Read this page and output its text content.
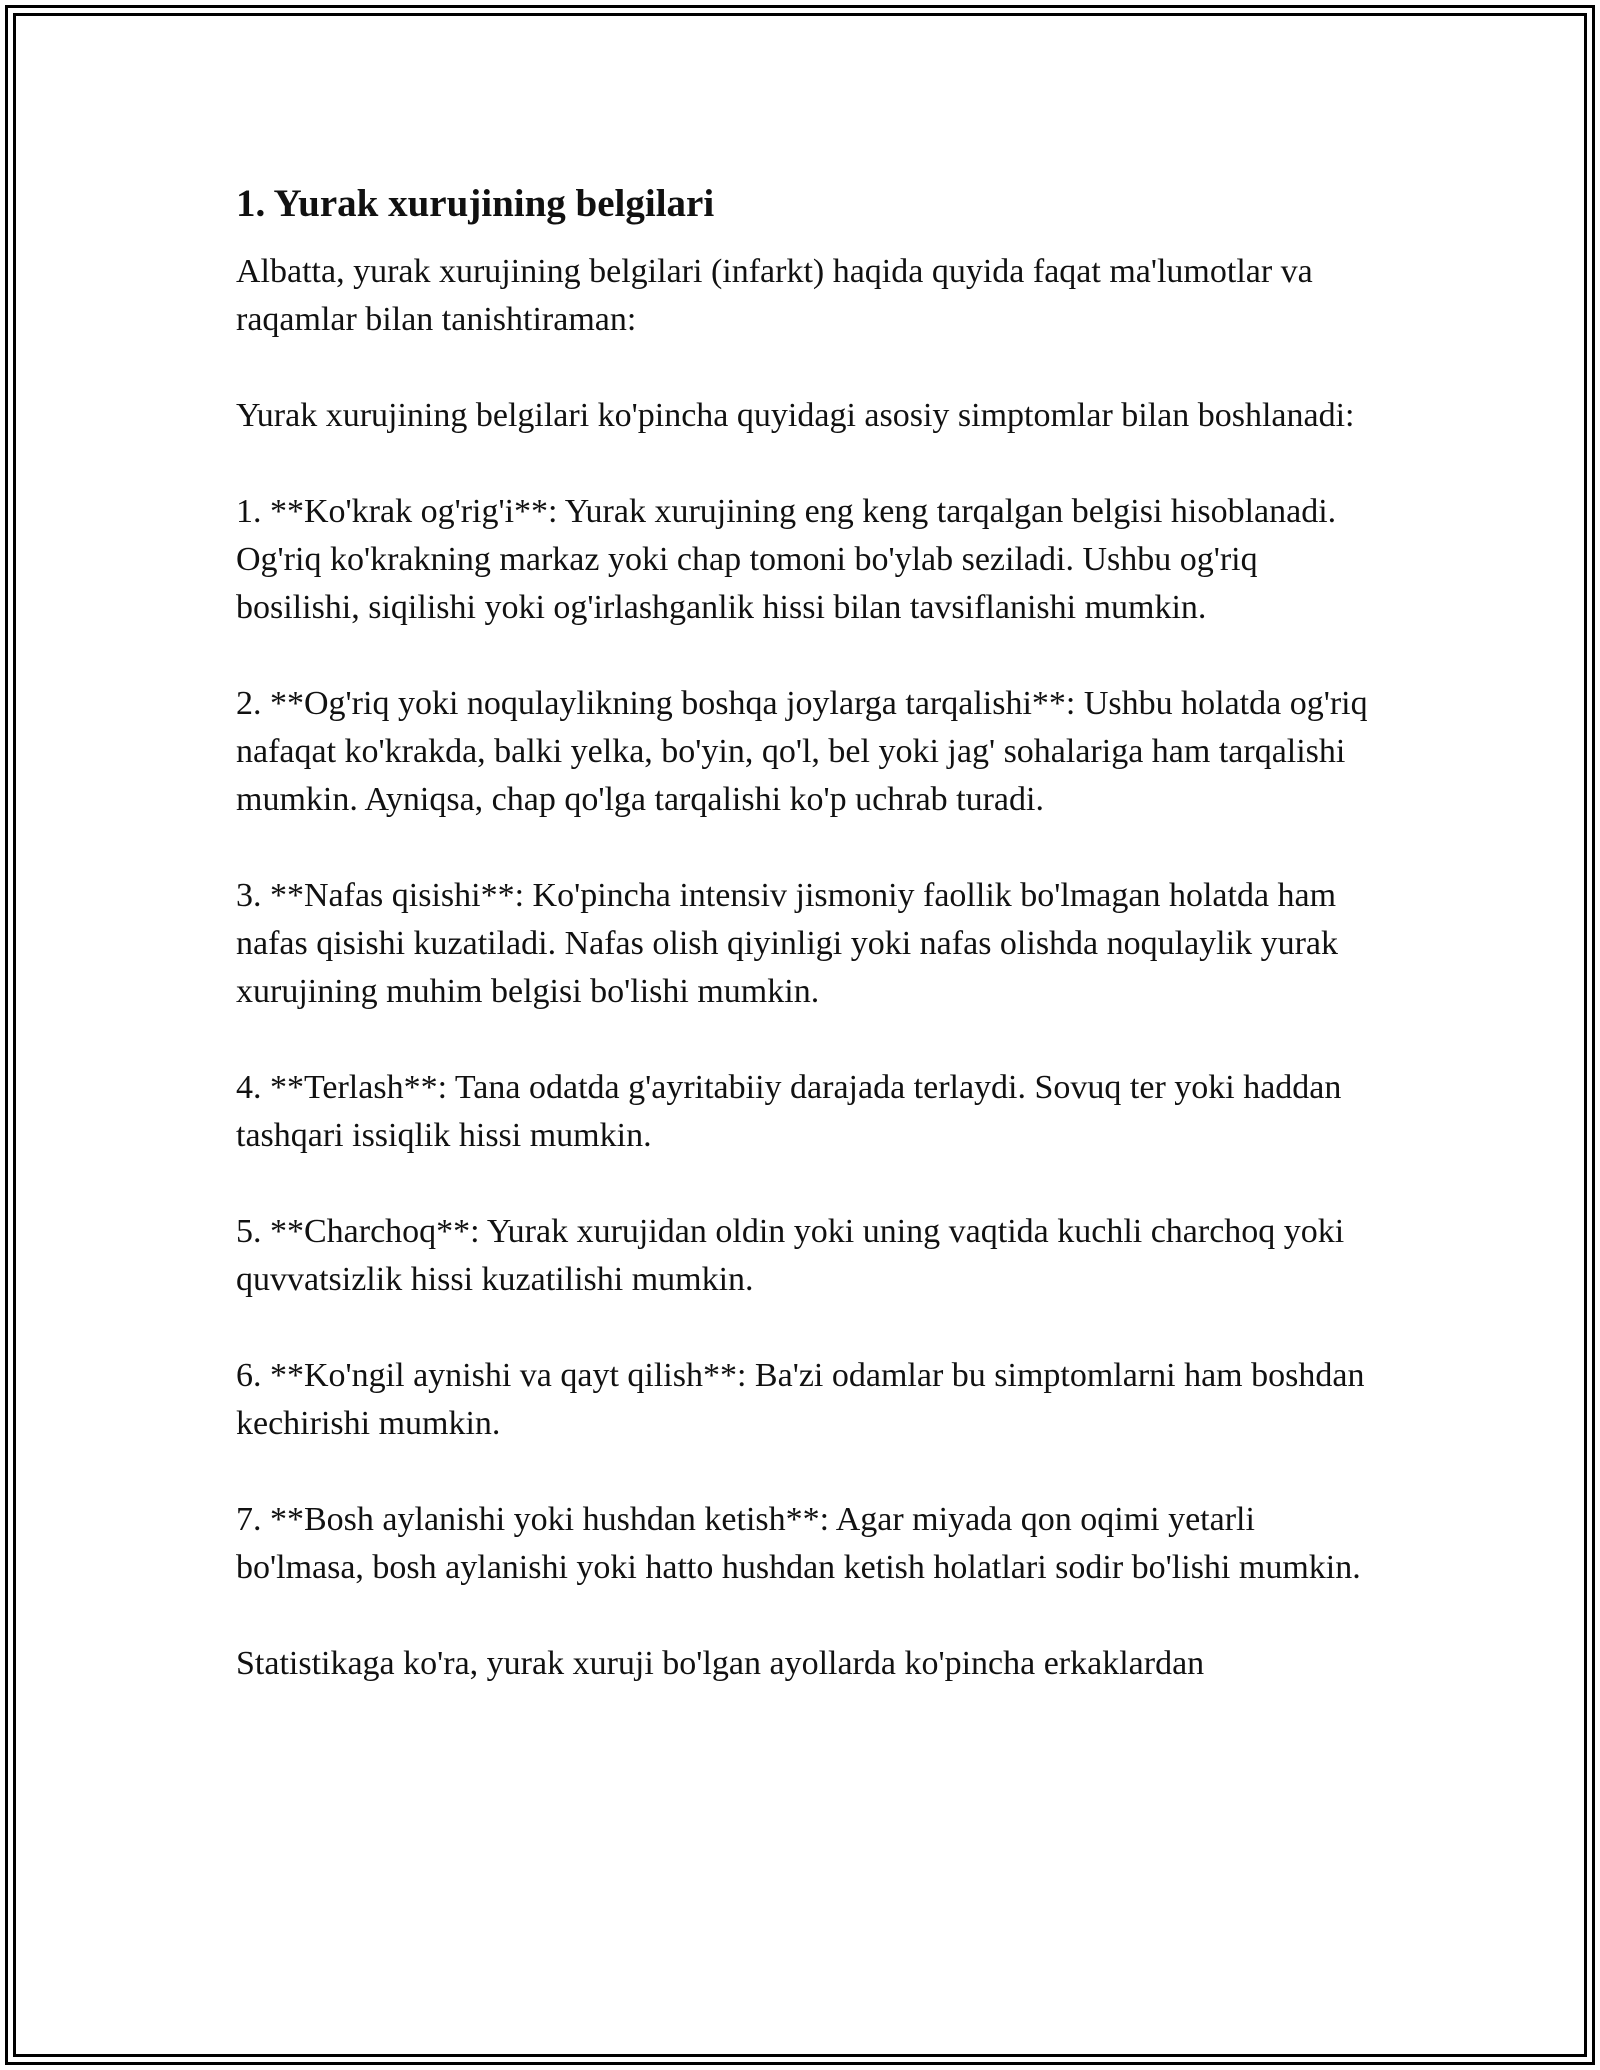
1. Yurak xurujining belgilari

Albatta, yurak xurujining belgilari (infarkt) haqida quyida faqat ma'lumotlar va raqamlar bilan tanishtiraman:

Yurak xurujining belgilari ko'pincha quyidagi asosiy simptomlar bilan boshlanadi:

1. **Ko'krak og'rig'i**: Yurak xurujining eng keng tarqalgan belgisi hisoblanadi. Og'riq ko'krakning markaz yoki chap tomoni bo'ylab seziladi. Ushbu og'riq bosilishi, siqilishi yoki og'irlashganlik hissi bilan tavsiflanishi mumkin.

2. **Og'riq yoki noqulaylikning boshqa joylarga tarqalishi**: Ushbu holatda og'riq nafaqat ko'krakda, balki yelka, bo'yin, qo'l, bel yoki jag' sohalariga ham tarqalishi mumkin. Ayniqsa, chap qo'lga tarqalishi ko'p uchrab turadi.

3. **Nafas qisishi**: Ko'pincha intensiv jismoniy faollik bo'lmagan holatda ham nafas qisishi kuzatiladi. Nafas olish qiyinligi yoki nafas olishda noqulaylik yurak xurujining muhim belgisi bo'lishi mumkin.

4. **Terlash**: Tana odatda g'ayritabiiy darajada terlaydi. Sovuq ter yoki haddan tashqari issiqlik hissi mumkin.

5. **Charchoq**: Yurak xurujidan oldin yoki uning vaqtida kuchli charchoq yoki quvvatsizlik hissi kuzatilishi mumkin.

6. **Ko'ngil aynishi va qayt qilish**: Ba'zi odamlar bu simptomlarni ham boshdan kechirishi mumkin.

7. **Bosh aylanishi yoki hushdan ketish**: Agar miyada qon oqimi yetarli bo'lmasa, bosh aylanishi yoki hatto hushdan ketish holatlari sodir bo'lishi mumkin.

Statistikaga ko'ra, yurak xuruji bo'lgan ayollarda ko'pincha erkaklardan
